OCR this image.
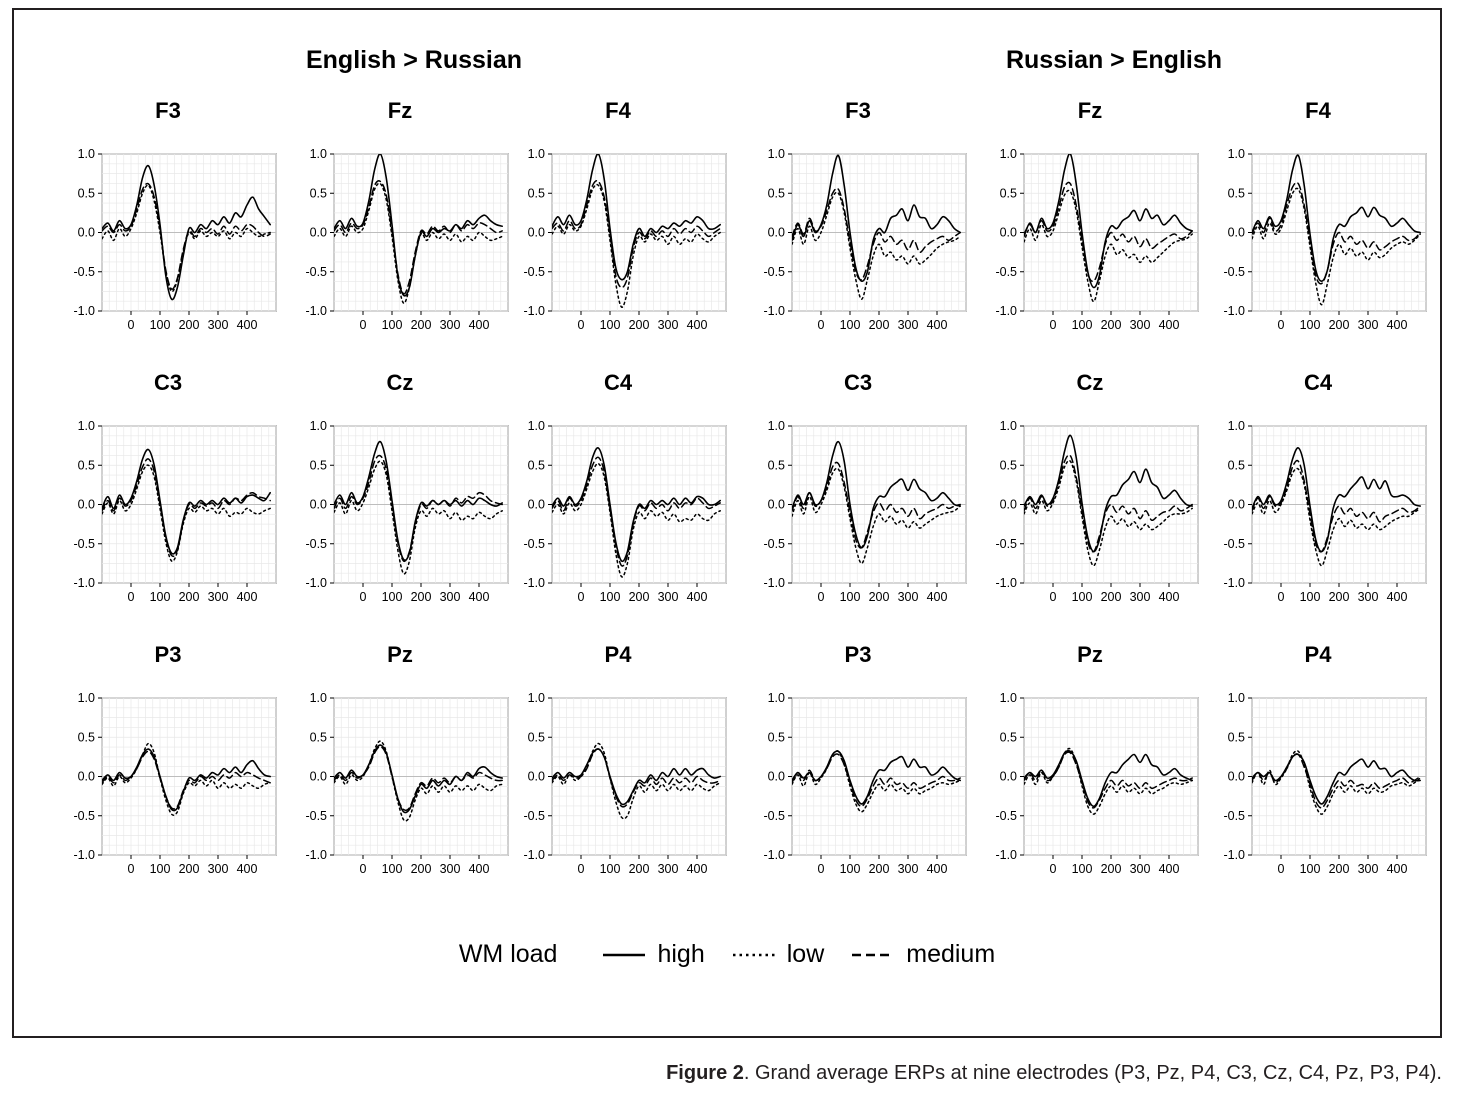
English > Russian	Russian > English
F3
-1.0
-0.5
0.0
0.5
1.0
0 100 200 300 400
Fz
-1.0
-0.5
0.0
0.5
1.0
0 100 200 300 400
F4
-1.0
-0.5
0.0
0.5
1.0
0 100 200 300 400
F3
-1.0
-0.5
0.0
0.5
1.0
0 100 200 300 400
Fz
-1.0
-0.5
0.0
0.5
1.0
0 100 200 300 400
F4
-1.0
-0.5
0.0
0.5
1.0
0 100 200 300 400
C3
-1.0
-0.5
0.0
0.5
1.0
0 100 200 300 400
Cz
-1.0
-0.5
0.0
0.5
1.0
0 100 200 300 400
C4
-1.0
-0.5
0.0
0.5
1.0
0 100 200 300 400
C3
-1.0
-0.5
0.0
0.5
1.0
0 100 200 300 400
Cz
-1.0
-0.5
0.0
0.5
1.0
0 100 200 300 400
C4
-1.0
-0.5
0.0
0.5
1.0
0 100 200 300 400
P3
-1.0
-0.5
0.0
0.5
1.0
0 100 200 300 400
Pz
-1.0
-0.5
0.0
0.5
1.0
0 100 200 300 400
P4
-1.0
-0.5
0.0
0.5
1.0
0 100 200 300 400
P3
-1.0
-0.5
0.0
0.5
1.0
0 100 200 300 400
Pz
-1.0
-0.5
0.0
0.5
1.0
0 100 200 300 400
P4
-1.0
-0.5
0.0
0.5
1.0
0 100 200 300 400
WM load	high	low	medium
Figure 2. Grand average ERPs at nine electrodes (P3, Pz, P4, C3, Cz, C4, Pz, P3, P4).
